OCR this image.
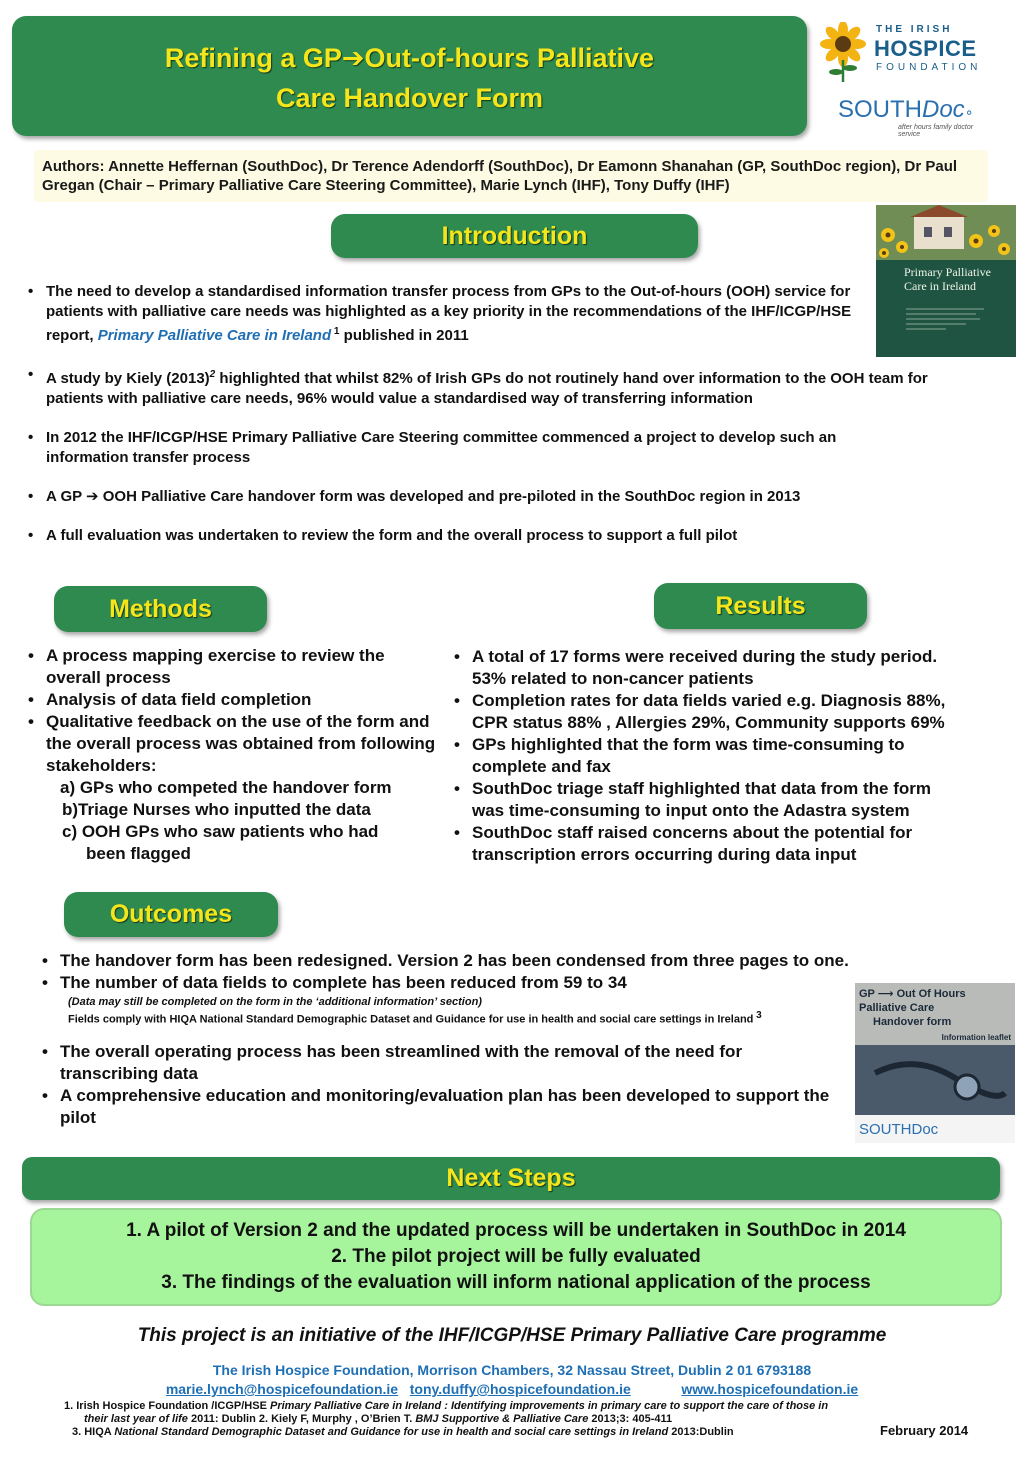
Refining a GP➔Out-of-hours Palliative
Care Handover Form
THE IRISH
HOSPICE
FOUNDATION
SOUTHDoc∘
after hours family doctor service
Authors: Annette Heffernan (SouthDoc), Dr Terence Adendorff (SouthDoc), Dr Eamonn Shanahan (GP, SouthDoc region), Dr Paul Gregan (Chair – Primary Palliative Care Steering Committee), Marie Lynch (IHF), Tony Duffy (IHF)
Introduction
Primary Palliative
Care in Ireland
• The need to develop a standardised information transfer process from GPs to the Out-of-hours (OOH) service for patients with palliative care needs was highlighted as a key priority in the recommendations of the IHF/ICGP/HSE report, Primary Palliative Care in Ireland $^1$ published in 2011
• A study by Kiely $(2013)^2$ highlighted that whilst 82% of Irish GPs do not routinely hand over information to the OOH team for patients with palliative care needs, 96% would value a standardised way of transferring information
• In 2012 the IHF/ICGP/HSE Primary Palliative Care Steering committee commenced a project to develop such an information transfer process
• A GP ➔ OOH Palliative Care handover form was developed and pre-piloted in the SouthDoc region in 2013
• A full evaluation was undertaken to review the form and the overall process to support a full pilot
Methods	Results
• A process mapping exercise to review the overall process
• Analysis of data field completion
• Qualitative feedback on the use of the form and the overall process was obtained from following stakeholders:
a) GPs who competed the handover form
b)Triage Nurses who inputted the data
c) OOH GPs who saw patients who had
been flagged
• A total of 17 forms were received during the study period. 53% related to non-cancer patients
• Completion rates for data fields varied e.g. Diagnosis 88%, CPR status 88% , Allergies 29%, Community supports 69%
• GPs highlighted that the form was time-consuming to complete and fax
• SouthDoc triage staff highlighted that data from the form was time-consuming to input onto the Adastra system
• SouthDoc staff raised concerns about the potential for transcription errors occurring during data input
Outcomes
• The handover form has been redesigned. Version 2 has been condensed from three pages to one.
• The number of data fields to complete has been reduced from 59 to 34
(Data may still be completed on the form in the ‘additional information’ section)
Fields comply with HIQA National Standard Demographic Dataset and Guidance for use in health and social care settings in Ireland $^3$
• The overall operating process has been streamlined with the removal of the need for transcribing data
• A comprehensive education and monitoring/evaluation plan has been developed to support the pilot
GP ⟶ Out Of Hours
Palliative Care
Handover form
Information leaflet
SOUTHDoc
Next Steps
1. A pilot of Version 2 and the updated process will be undertaken in SouthDoc in 2014
2. The pilot project will be fully evaluated
3. The findings of the evaluation will inform national application of the process
This project is an initiative of the IHF/ICGP/HSE Primary Palliative Care programme
The Irish Hospice Foundation, Morrison Chambers, 32 Nassau Street, Dublin 2 01 6793188
marie.lynch@hospicefoundation.ie tony.duffy@hospicefoundation.ie	www.hospicefoundation.ie
1. Irish Hospice Foundation /ICGP/HSE Primary Palliative Care in Ireland : Identifying improvements in primary care to support the care of those in
their last year of life 2011: Dublin 2. Kiely F, Murphy , O’Brien T. BMJ Supportive & Palliative Care 2013;3: 405-411
3. HIQA National Standard Demographic Dataset and Guidance for use in health and social care settings in Ireland 2013:Dublin	February 2014
